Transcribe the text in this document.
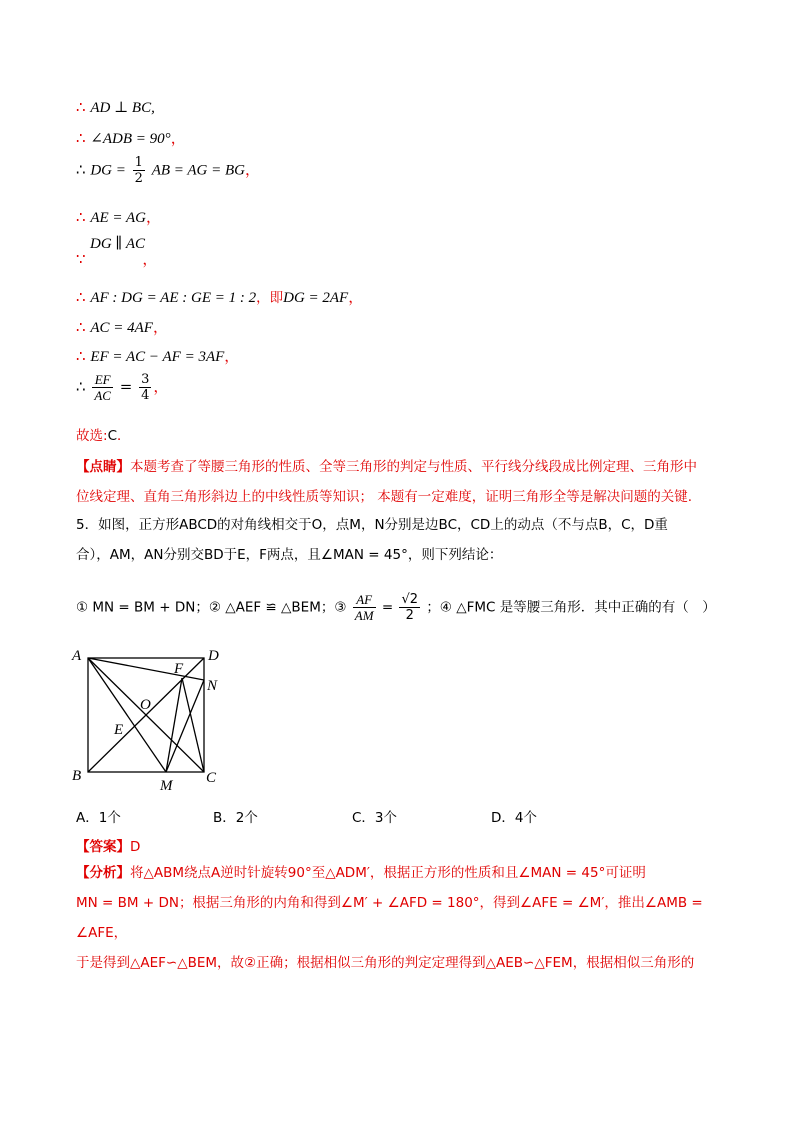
∴ AD ⊥ BC,
∴ ∠ADB = 90°，
∴ DG = $\frac{1}{2}$ AB = AG = BG，
∴ AE = AG，
DG ∥ AC
∵	，
∴ AF : DG = AE : GE = 1 : 2，即DG = 2AF，
∴ AC = 4AF，
∴ EF = AC − AF = 3AF，
∴ $\frac{EF}{AC} = \frac{3}{4}$ ，
故选:C．
【点睛】本题考查了等腰三角形的性质、全等三角形的判定与性质、平行线分线段成比例定理、三角形中
位线定理、直角三角形斜边上的中线性质等知识； 本题有一定难度，证明三角形全等是解决问题的关键.
5．如图，正方形ABCD的对角线相交于O，点M，N分别是边BC，CD上的动点（不与点B，C，D重
合），AM，AN分别交BD于E，F两点，且∠MAN = 45°，则下列结论：
① MN = BM + DN；② △AEF ≌ △BEM；③ $\frac{AF}{AM} = \frac{√2}{2}$ ；④ △FMC 是等腰三角形．其中正确的有（　）
A
B	C
D
E
F
M
N
O
A．1个	B．2个	C．3个	D．4个
【答案】D
【分析】将△ABM绕点A逆时针旋转90°至△ADM′，根据正方形的性质和且∠MAN = 45°可证明
MN = BM + DN；根据三角形的内角和得到∠M′ + ∠AFD = 180°，得到∠AFE = ∠M′，推出∠AMB = ∠AFE，
于是得到△AEF∽△BEM，故②正确；根据相似三角形的判定定理得到△AEB∽△FEM，根据相似三角形的
